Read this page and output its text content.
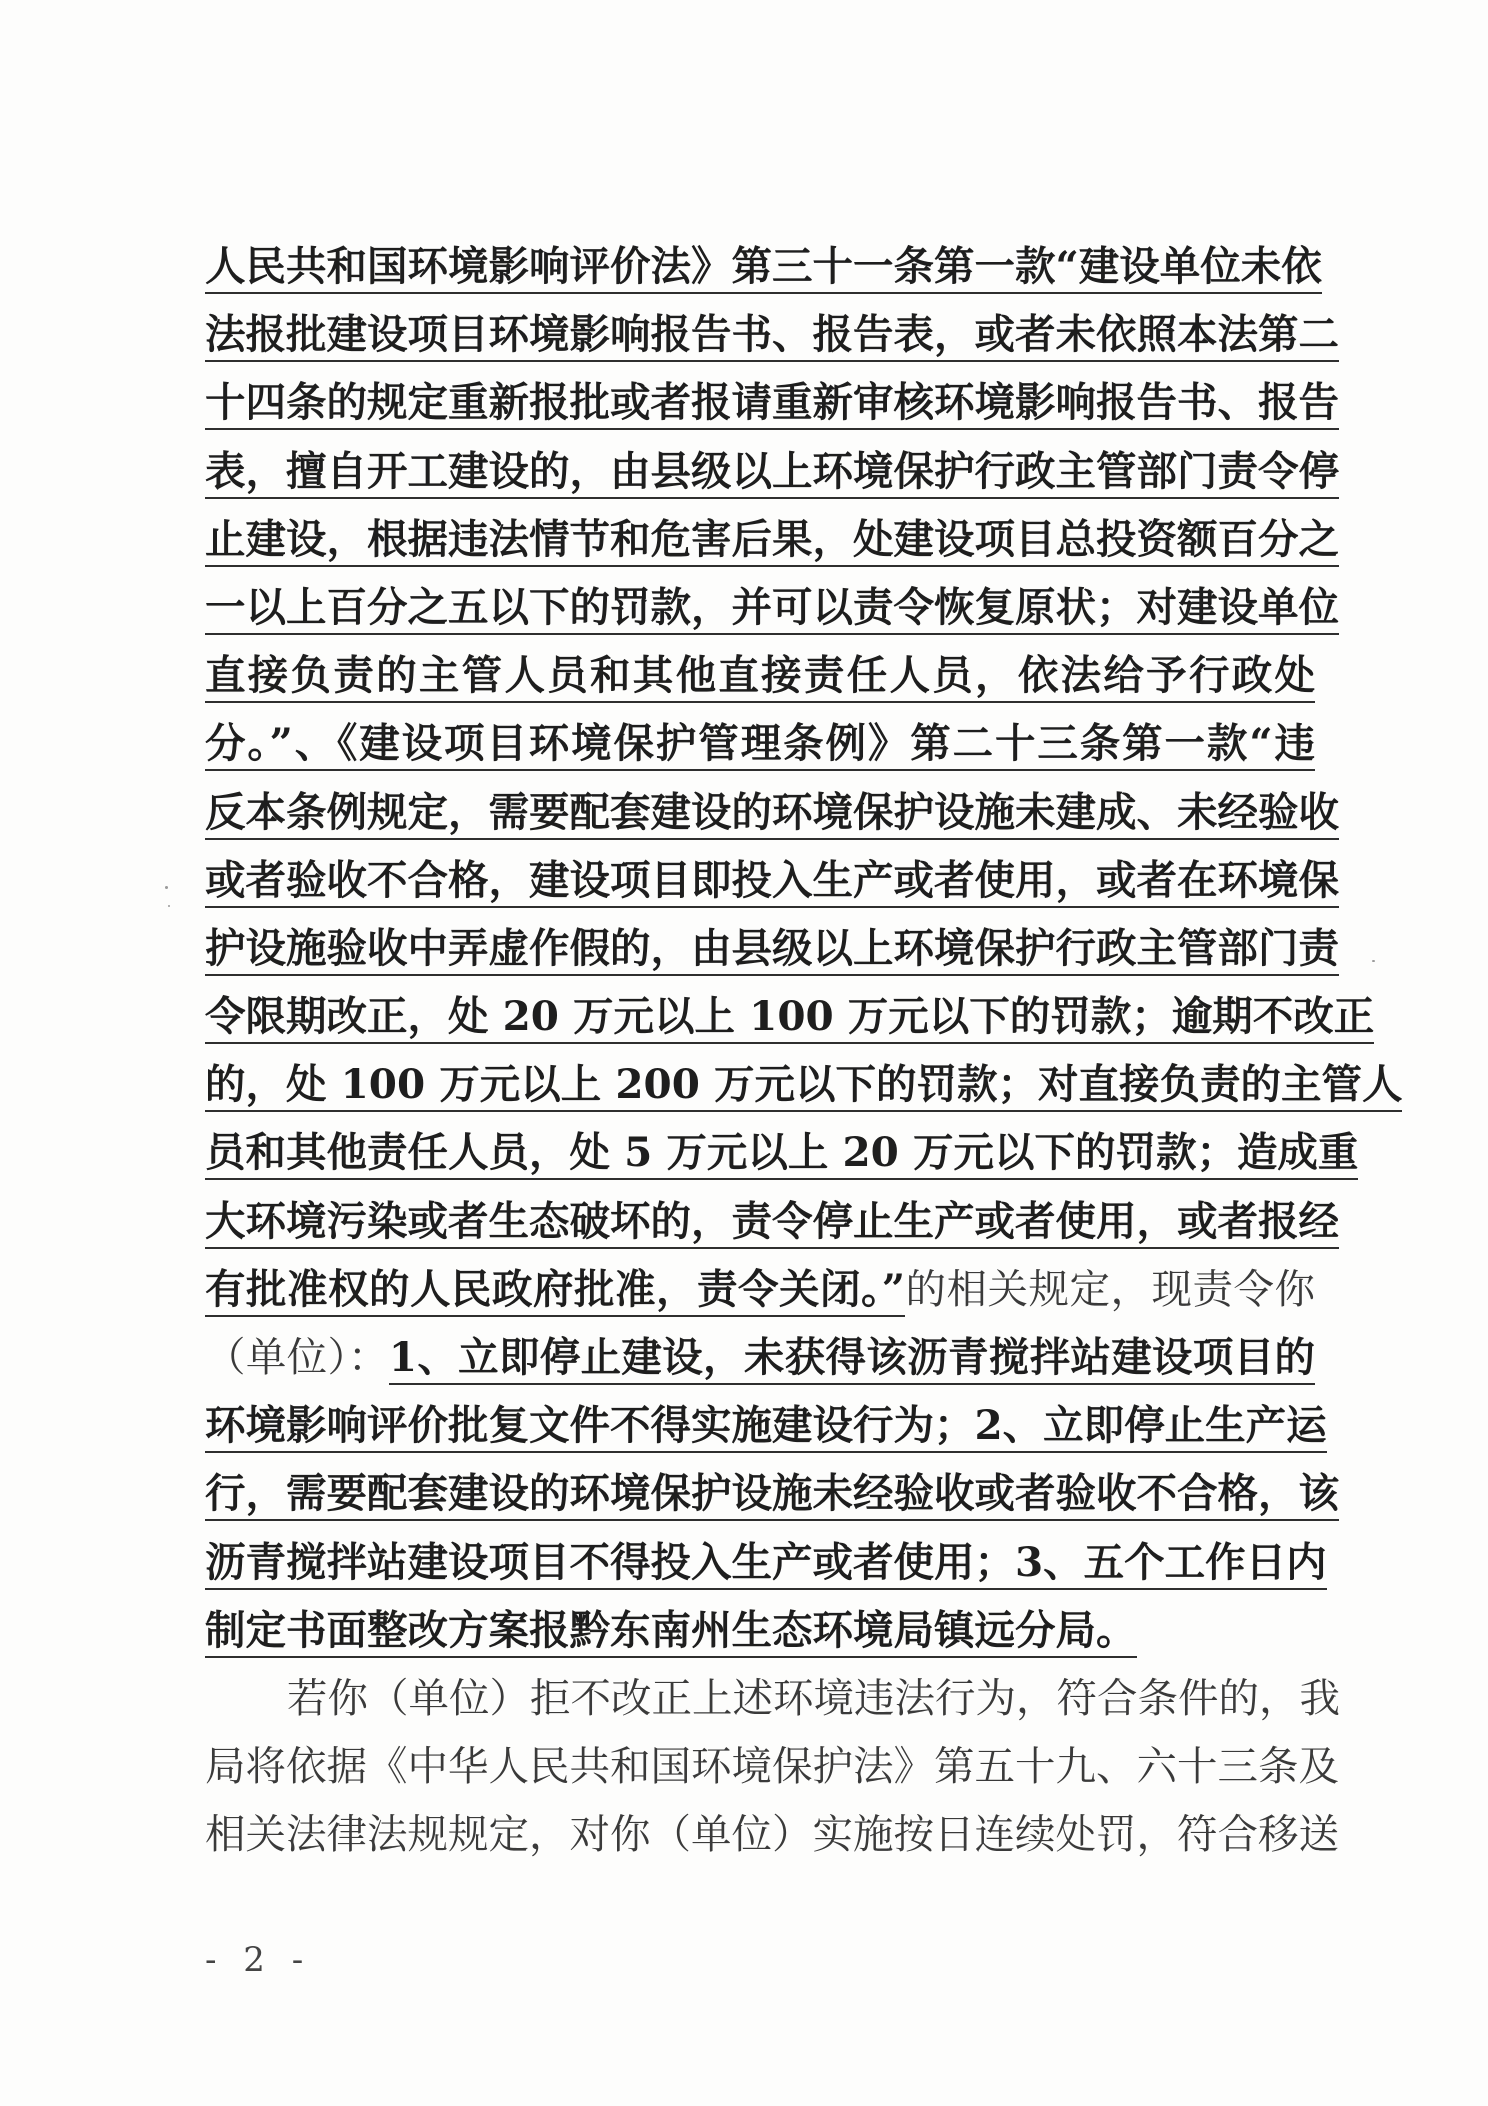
人民共和国环境影响评价法》第三十一条第一款“建设单位未依
法报批建设项目环境影响报告书、报告表，或者未依照本法第二
十四条的规定重新报批或者报请重新审核环境影响报告书、报告
表，擅自开工建设的，由县级以上环境保护行政主管部门责令停
止建设，根据违法情节和危害后果，处建设项目总投资额百分之
一以上百分之五以下的罚款，并可以责令恢复原状；对建设单位
直接负责的主管人员和其他直接责任人员，依法给予行政处
分。”、《建设项目环境保护管理条例》第二十三条第一款“违
反本条例规定，需要配套建设的环境保护设施未建成、未经验收
或者验收不合格，建设项目即投入生产或者使用，或者在环境保
护设施验收中弄虚作假的，由县级以上环境保护行政主管部门责
令限期改正，处 20 万元以上 100 万元以下的罚款；逾期不改正
的，处 100 万元以上 200 万元以下的罚款；对直接负责的主管人
员和其他责任人员，处 5 万元以上 20 万元以下的罚款；造成重
大环境污染或者生态破坏的，责令停止生产或者使用，或者报经
有批准权的人民政府批准，责令关闭。”的相关规定，现责令你
（单位）：1、立即停止建设，未获得该沥青搅拌站建设项目的
环境影响评价批复文件不得实施建设行为；2、立即停止生产运
行，需要配套建设的环境保护设施未经验收或者验收不合格，该
沥青搅拌站建设项目不得投入生产或者使用；3、五个工作日内
制定书面整改方案报黔东南州生态环境局镇远分局。
若你（单位）拒不改正上述环境违法行为，符合条件的，我
局将依据《中华人民共和国环境保护法》第五十九、六十三条及
相关法律法规规定，对你（单位）实施按日连续处罚，符合移送
- 2 -
